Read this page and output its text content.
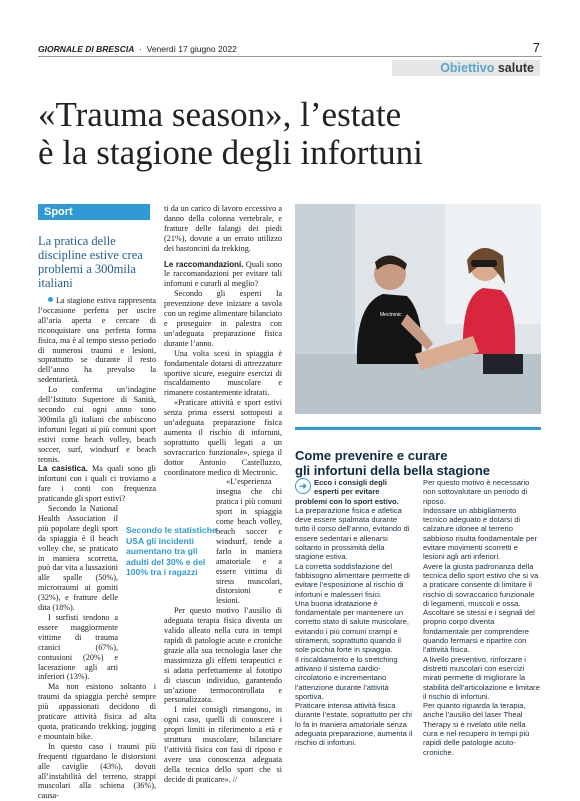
GIORNALE DI BRESCIA  ·  Venerdì 17 giugno 2022	7
Obiettivo salute
«Trauma season», l’estate
è la stagione degli infortuni
Sport
La pratica delle discipline estive crea problemi a 300mila italiani

La stagione estiva rappresenta l’occasione perfetta per uscire all’aria aperta e cercare di riconquistare una perfetta forma fisica, ma è al tempo stesso periodo di numerosi traumi e lesioni, soprattutto se durante il resto dell’anno ha prevalso la sedentarietà.

Lo conferma un’indagine dell’Istituto Superiore di Sanità, secondo cui ogni anno sono 300mila gli italiani che subiscono infortuni legati ai più comuni sport estivi come beach volley, beach soccer, surf, windsurf e beach tennis.

La casistica. Ma quali sono gli infortuni con i quali ci troviamo a fare i conti con frequenza praticando gli sport estivi?

Secondo la National Health Association il più popolare degli sport da spiaggia è il beach volley che, se praticato in maniera scorretta, può dar vita a lussazioni alle spalle (50%), microtraumi ai gomiti (32%), e fratture delle dita (18%).

I surfisti tendono a essere maggiormente vittime di trauma cranici (67%), contusioni (20%) e lacerazione agli arti inferiori (13%).

Ma non esistono soltanto i traumi da spiaggia perché sempre più appassionati decidono di praticare attività fisica ad alta quota, praticando trekking, jogging e mountain bike.

In questo caso i traumi più frequenti riguardano le distorsioni alle caviglie (43%), dovuti all’instabilità del terreno, strappi muscolari alla schiena (36%), causa-

Secondo le statistiche USA gli incidenti aumentano tra gli adulti del 30% e del 100% tra i ragazzi

ti da un carico di lavoro eccessivo a danno della colonna vertebrale, e fratture delle falangi dei piedi (21%), dovute a un errato utilizzo dei bastoncini da trekking.

Le raccomandazioni. Quali sono le raccomandazioni per evitare tali infortuni e curarli al meglio?

Secondo gli esperti la prevenzione deve iniziare a tavola con un regime alimentare bilanciato e proseguire in palestra con un’adeguata preparazione fisica durante l’anno.

Una volta scesi in spiaggia è fondamentale dotarsi di attrezzature sportive sicure, eseguire esercizi di riscaldamento muscolare e rimanere costantemente idratati.

«Praticare attività e sport estivi senza prima essersi sottoposti a un’adeguata preparazione fisica aumenta il rischio di infortuni, soprattutto quelli legati a un sovraccarico funzionale», spiega il dottor Antonio Castelluzzo, coordinatore medico di Mectronic.

«L’esperienza insegna che chi pratica i più comuni sport in spiaggia come beach volley, beach soccer e windsurf, tende a farlo in maniera amatoriale e a essere vittima di stress muscolari, distorsioni e lesioni.

Per questo motivo l’ausilio di adeguata terapia fisica diventa un valido alleato nella cura in tempi rapidi di patologie acute e croniche grazie alla sua tecnologia laser che massimizza gli effetti terapeutici e si adatta perfettamente al fototipo di ciascun individuo, garantendo un’azione termocontrollata e personalizzata.

I miei consigli rimangono, in ogni caso, quelli di conoscere i propri limiti in riferimento a età e struttura muscolare, bilanciare l’attività fisica con fasi di riposo e avere una conoscenza adeguata della tecnica dello sport che si decide di praticare». //

Mectronic
Come prevenire e curare
gli infortuni della bella stagione

➜ Ecco i consigli degli esperti per evitare problemi con lo sport estivo.

La preparazione fisica e atletica deve essere spalmata durante tutto il corso dell’anno, evitando di essere sedentari e allenarsi soltanto in prossimità della stagione estiva.

La corretta soddisfazione del fabbisogno alimentare permette di evitare l’esposizione al rischio di infortuni e malesseri fisici.

Una buona idratazione è fondamentale per mantenere un corretto stato di salute muscolare, evitando i più comuni crampi e stiramenti, soprattutto quando il sole picchia forte in spiaggia.

Il riscaldamento e lo stretching attivano il sistema cardio-circolatorio e incrementano l’attenzione durante l’attività sportiva.

Praticare intensa attività fisica durante l’estate, soprattutto per chi lo fa in maniera amatoriale senza adeguata preparazione, aumenta il rischio di infortuni.

Per questo motivo è necessario non sottovalutare un periodo di riposo.

Indossare un abbigliamento tecnico adeguato e dotarsi di calzature idonee al terreno sabbioso risulta fondamentale per evitare movimenti scorretti e lesioni agli arti inferiori.

Avere la giusta padronanza della tecnica dello sport estivo che si va a praticare consente di limitare il rischio di sovraccarico funzionale di legamenti, muscoli e ossa.

Ascoltare se stessi e i segnali del proprio corpo diventa fondamentale per comprendere quando fermarsi e ripartire con l’attività fisica.

A livello preventivo, rinforzare i distretti muscolari con esercizi mirati permette di migliorare la stabilità dell’articolazione e limitare il rischio di infortuni.

Per quanto riguarda la terapia, anche l’ausilio del laser Theal Therapy si è rivelato utile nella cura e nel recupero in tempi più rapidi delle patologie acuto-croniche.
